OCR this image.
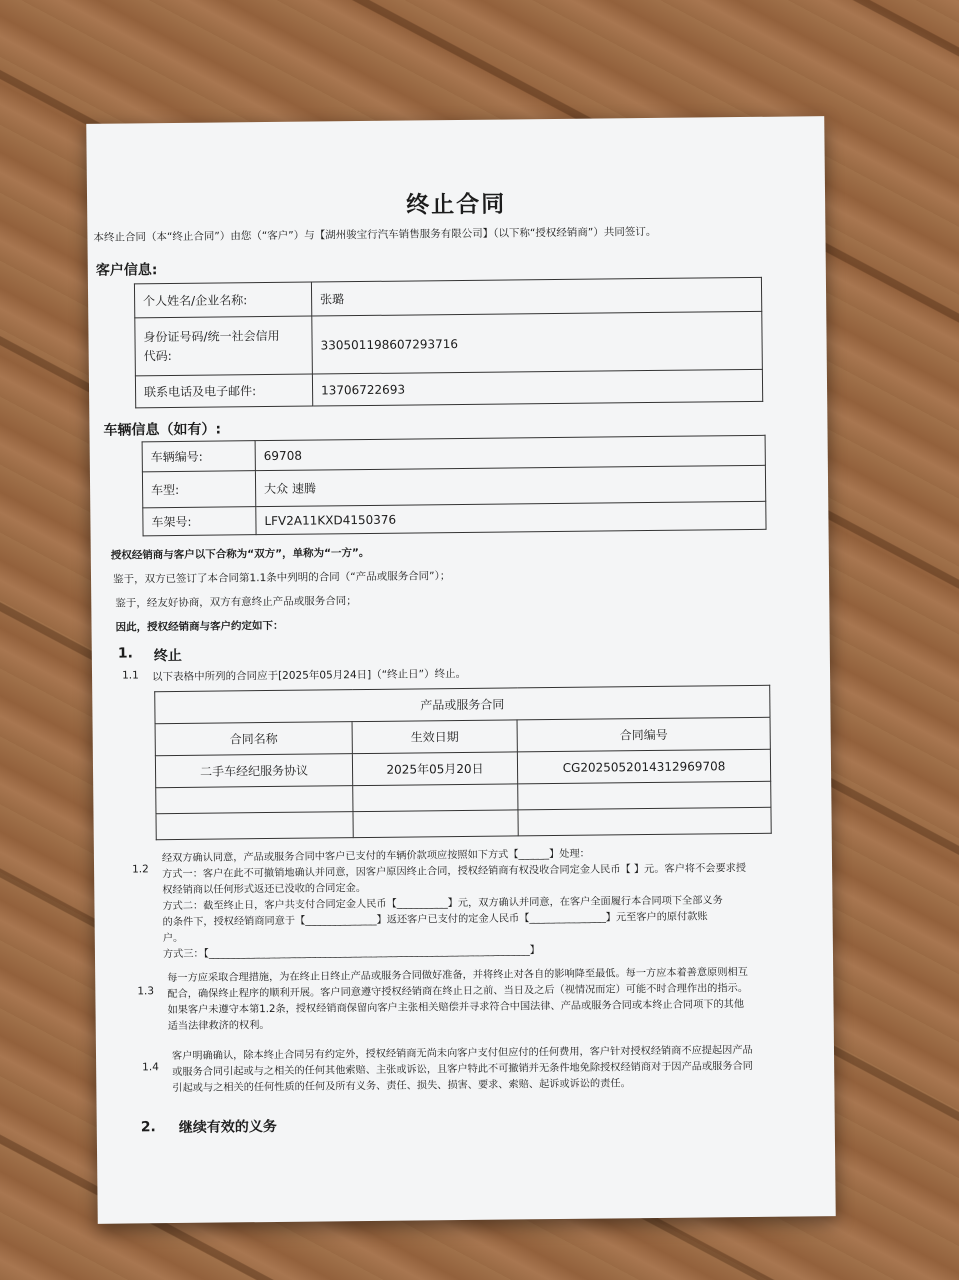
终止合同
本终止合同（本“终止合同”）由您（“客户”）与【湖州骏宝行汽车销售服务有限公司】（以下称“授权经销商”）共同签订。
客户信息:
个人姓名/企业名称:	张璐

身份证号码/统一社会信用
代码:	330501198607293716
联系电话及电子邮件:	13706722693
车辆信息（如有）:
车辆编号:	69708
车型:	大众 速腾
车架号:	LFV2A11KXD4150376
授权经销商与客户以下合称为“双方”，单称为“一方”。
鉴于，双方已签订了本合同第1.1条中列明的合同（“产品或服务合同”）；
鉴于，经友好协商，双方有意终止产品或服务合同；
因此，授权经销商与客户约定如下：
1. 终止
1.1 以下表格中所列的合同应于[2025年05月24日]（“终止日”）终止。
产品或服务合同		
合同名称	生效日期	合同编号
二手车经纪服务协议	2025年05月20日	CG2025052014312969708

1.2
经双方确认同意，产品或服务合同中客户已支付的车辆价款项应按照如下方式【______】处理：
方式一：客户在此不可撤销地确认并同意，因客户原因终止合同，授权经销商有权没收合同定金人民币【 】元。客户将不会要求授
权经销商以任何形式返还已没收的合同定金。
方式二：截至终止日，客户共支付合同定金人民币【__________】元，双方确认并同意，在客户全面履行本合同项下全部义务
的条件下，授权经销商同意于【______________】返还客户已支付的定金人民币【_______________】元至客户的原付款账
户。
方式三：【_______________________________________________________________】
1.3
每一方应采取合理措施，为在终止日终止产品或服务合同做好准备，并将终止对各自的影响降至最低。每一方应本着善意原则相互
配合，确保终止程序的顺利开展。客户同意遵守授权经销商在终止日之前、当日及之后（视情况而定）可能不时合理作出的指示。
如果客户未遵守本第1.2条，授权经销商保留向客户主张相关赔偿并寻求符合中国法律、产品或服务合同或本终止合同项下的其他
适当法律救济的权利。
1.4
客户明确确认，除本终止合同另有约定外，授权经销商无尚未向客户支付但应付的任何费用，客户针对授权经销商不应提起因产品
或服务合同引起或与之相关的任何其他索赔、主张或诉讼，且客户特此不可撤销并无条件地免除授权经销商对于因产品或服务合同
引起或与之相关的任何性质的任何及所有义务、责任、损失、损害、要求、索赔、起诉或诉讼的责任。
2. 继续有效的义务
